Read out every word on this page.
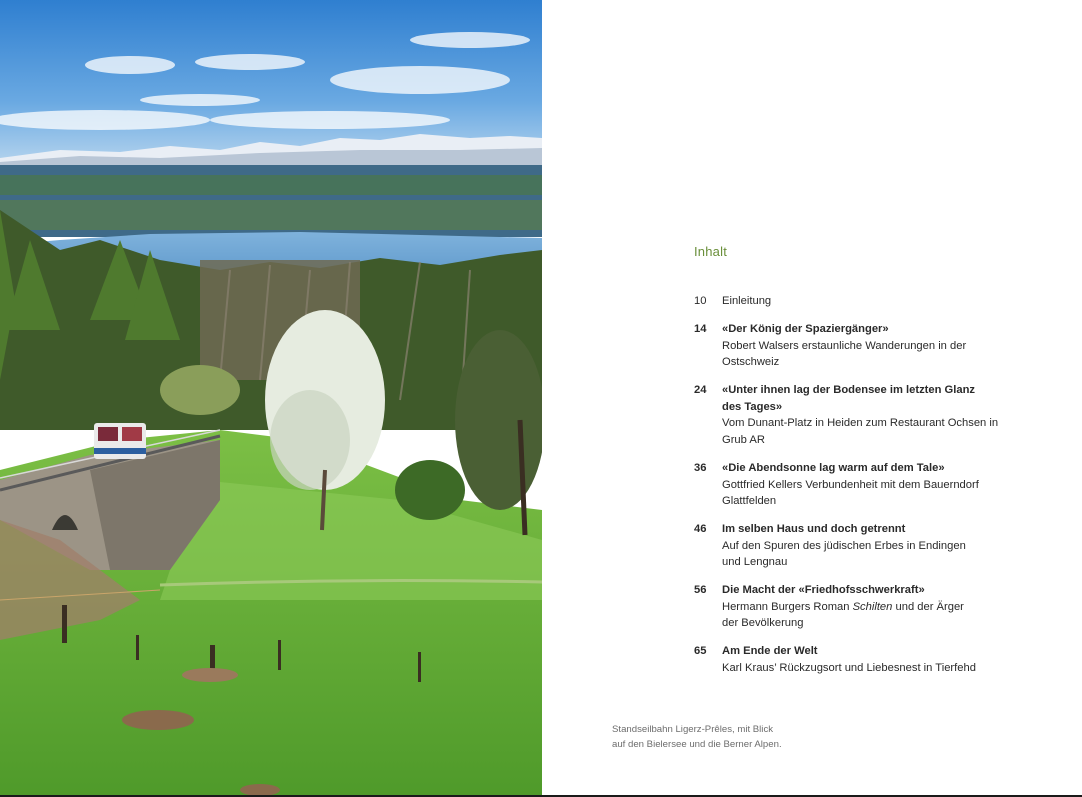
Inhalt
10	Einleitung
14	«Der König der Spaziergänger»
Robert Walsers erstaunliche Wanderungen in der Ostschweiz
24	«Unter ihnen lag der Bodensee im letzten Glanz des Tages»
Vom Dunant-Platz in Heiden zum Restaurant Ochsen in Grub AR
36	«Die Abendsonne lag warm auf dem Tale»
Gottfried Kellers Verbundenheit mit dem Bauerndorf Glattfelden
46	Im selben Haus und doch getrennt
Auf den Spuren des jüdischen Erbes in Endingen und Lengnau
56	Die Macht der «Friedhofsschwerkraft»
Hermann Burgers Roman Schilten und der Ärger der Bevölkerung
65	Am Ende der Welt
Karl Kraus’ Rückzugsort und Liebesnest in Tierfehd
Standseilbahn Ligerz-Prêles, mit Blick
auf den Bielersee und die Berner Alpen.
